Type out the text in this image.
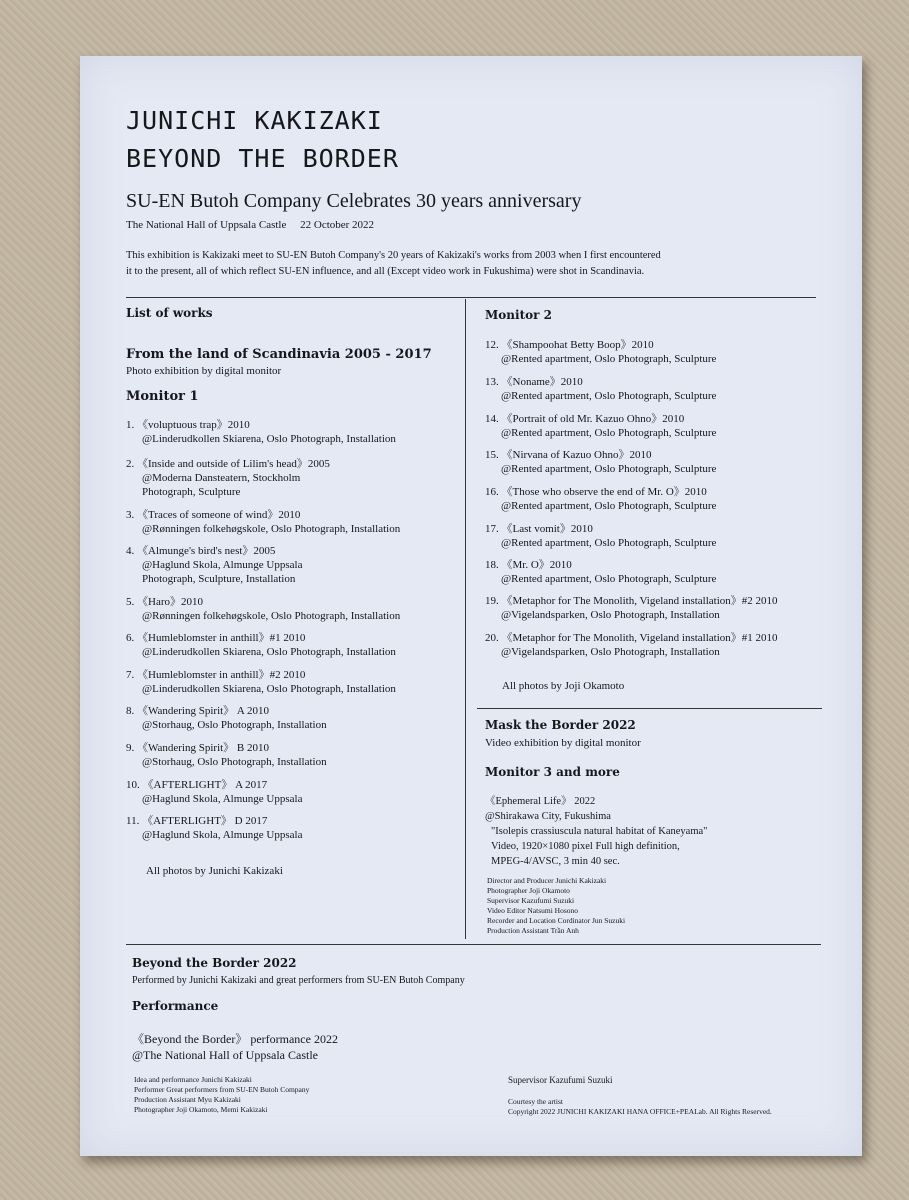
JUNICHI KAKIZAKI
BEYOND THE BORDER
SU-EN Butoh Company Celebrates 30 years anniversary
The National Hall of Uppsala Castle     22 October 2022
This exhibition is Kakizaki meet to SU-EN Butoh Company's 20 years of Kakizaki's works from 2003 when I first encountered
it to the present, all of which reflect SU-EN influence, and all (Except video work in Fukushima) were shot in Scandinavia.
List of works
From the land of Scandinavia 2005 - 2017
Photo exhibition by digital monitor
Monitor 1
1. 《voluptuous trap》2010
@Linderudkollen Skiarena, Oslo Photograph, Installation
2. 《Inside and outside of Lilim's head》2005
@Moderna Dansteatern, Stockholm
Photograph, Sculpture
3. 《Traces of someone of wind》2010
@Rønningen folkehøgskole, Oslo Photograph, Installation
4. 《Almunge's bird's nest》2005
@Haglund Skola, Almunge Uppsala
Photograph, Sculpture, Installation
5. 《Haro》2010
@Rønningen folkehøgskole, Oslo Photograph, Installation
6. 《Humleblomster in anthill》#1 2010
@Linderudkollen Skiarena, Oslo Photograph, Installation
7. 《Humleblomster in anthill》#2 2010
@Linderudkollen Skiarena, Oslo Photograph, Installation
8. 《Wandering Spirit》 A 2010
@Storhaug, Oslo Photograph, Installation
9. 《Wandering Spirit》 B 2010
@Storhaug, Oslo Photograph, Installation
10. 《AFTERLIGHT》 A 2017
@Haglund Skola, Almunge Uppsala
11. 《AFTERLIGHT》 D 2017
@Haglund Skola, Almunge Uppsala
All photos by Junichi Kakizaki
Monitor 2
12. 《Shampoohat Betty Boop》2010
@Rented apartment, Oslo Photograph, Sculpture
13. 《Noname》2010
@Rented apartment, Oslo Photograph, Sculpture
14. 《Portrait of old Mr. Kazuo Ohno》2010
@Rented apartment, Oslo Photograph, Sculpture
15. 《Nirvana of Kazuo Ohno》2010
@Rented apartment, Oslo Photograph, Sculpture
16. 《Those who observe the end of Mr. O》2010
@Rented apartment, Oslo Photograph, Sculpture
17. 《Last vomit》2010
@Rented apartment, Oslo Photograph, Sculpture
18. 《Mr. O》2010
@Rented apartment, Oslo Photograph, Sculpture
19. 《Metaphor for The Monolith, Vigeland installation》#2 2010
@Vigelandsparken, Oslo Photograph, Installation
20. 《Metaphor for The Monolith, Vigeland installation》#1 2010
@Vigelandsparken, Oslo Photograph, Installation
All photos by Joji Okamoto
Mask the Border 2022
Video exhibition by digital monitor
Monitor 3 and more
《Ephemeral Life》 2022
@Shirakawa City, Fukushima
"Isolepis crassiuscula natural habitat of Kaneyama"
Video, 1920×1080 pixel Full high definition,
MPEG-4/AVSC, 3 min 40 sec.
Director and Producer Junichi Kakizaki
Photographer Joji Okamoto
Supervisor Kazufumi Suzuki
Video Editor Natsumi Hosono
Recorder and Location Cordinator Jun Suzuki
Production Assistant Trần Anh
Beyond the Border 2022
Performed by Junichi Kakizaki and great performers from SU-EN Butoh Company
Performance
《Beyond the Border》 performance 2022
@The National Hall of Uppsala Castle
Idea and performance Junichi Kakizaki
Performer Great performers from SU-EN Butoh Company
Production Assistant Myu Kakizaki
Photographer Joji Okamoto, Memi Kakizaki
Supervisor Kazufumi Suzuki
Courtesy the artist
Copyright 2022 JUNICHI KAKIZAKI HANA OFFICE+PEALab. All Rights Reserved.
